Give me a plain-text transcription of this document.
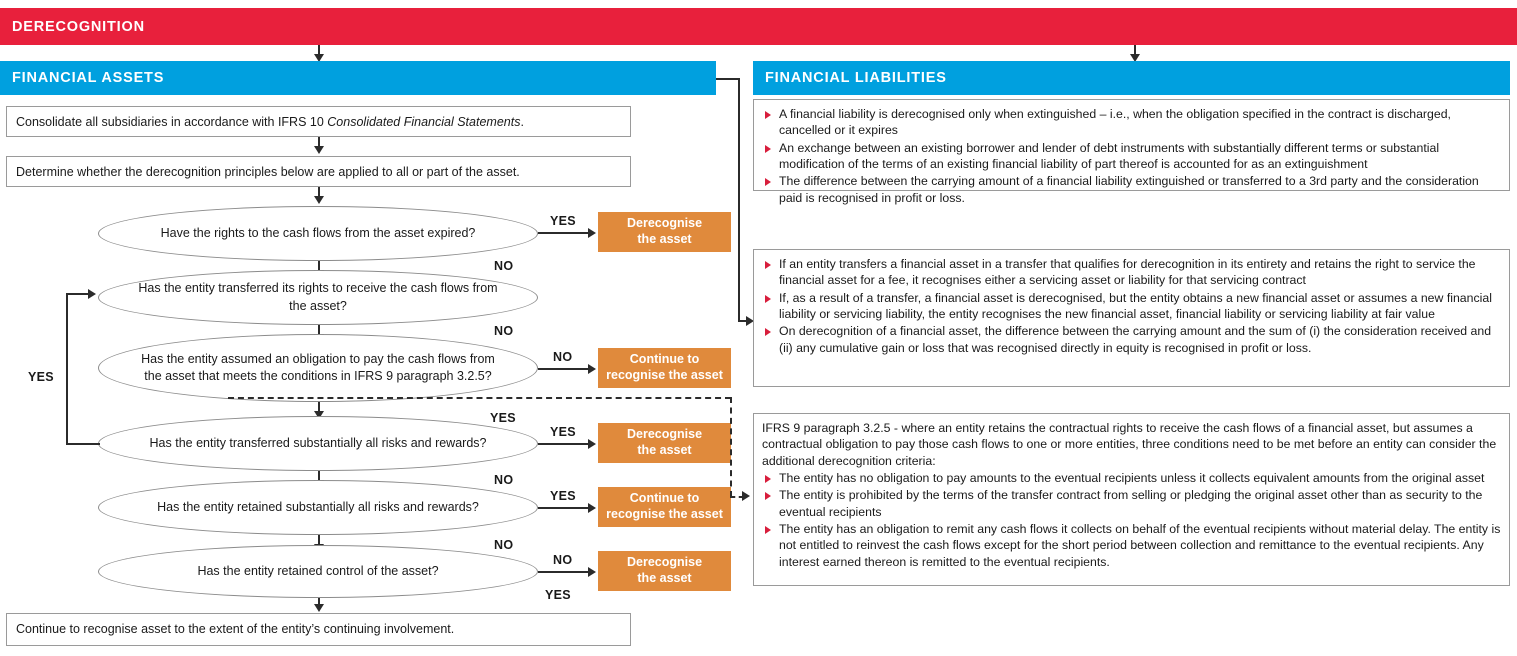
DERECOGNITION
FINANCIAL ASSETS
Consolidate all subsidiaries in accordance with IFRS 10 Consolidated Financial Statements.
Determine whether the derecognition principles below are applied to all or part of the asset.
Have the rights to the cash flows from the asset expired?
YES
NO
Has the entity transferred its rights to receive the cash flows from the asset?
NO
Has the entity assumed an obligation to pay the cash flows from the asset that meets the conditions in IFRS 9 paragraph 3.2.5?
NO
YES
Has the entity transferred substantially all risks and rewards?
YES
NO
YES
Has the entity retained substantially all risks and rewards?
YES
NO
Has the entity retained control of the asset?
NO
YES
Continue to recognise asset to the extent of the entity’s continuing involvement.
Derecognise
the asset
Continue to
recognise the asset
Derecognise
the asset
Continue to
recognise the asset
Derecognise
the asset
FINANCIAL LIABILITIES
A financial liability is derecognised only when extinguished – i.e., when the obligation specified in the contract is discharged, cancelled or it expires
An exchange between an existing borrower and lender of debt instruments with substantially different terms or substantial modification of the terms of an existing financial liability of part thereof is accounted for as an extinguishment
The difference between the carrying amount of a financial liability extinguished or transferred to a 3rd party and the consideration paid is recognised in profit or loss.
If an entity transfers a financial asset in a transfer that qualifies for derecognition in its entirety and retains the right to service the financial asset for a fee, it recognises either a servicing asset or liability for that servicing contract
If, as a result of a transfer, a financial asset is derecognised, but the entity obtains a new financial asset or assumes a new financial liability or servicing liability, the entity recognises the new financial asset, financial liability or servicing liability at fair value
On derecognition of a financial asset, the difference between the carrying amount and the sum of (i) the consideration received and (ii) any cumulative gain or loss that was recognised directly in equity is recognised in profit or loss.

IFRS 9 paragraph 3.2.5 - where an entity retains the contractual rights to receive the cash flows of a financial asset, but assumes a contractual obligation to pay those cash flows to one or more entities, three conditions need to be met before an entity can consider the additional derecognition criteria:

The entity has no obligation to pay amounts to the eventual recipients unless it collects equivalent amounts from the original asset
The entity is prohibited by the terms of the transfer contract from selling or pledging the original asset other than as security to the eventual recipients
The entity has an obligation to remit any cash flows it collects on behalf of the eventual recipients without material delay. The entity is not entitled to reinvest the cash flows except for the short period between collection and remittance to the eventual recipients. Any interest earned thereon is remitted to the eventual recipients.
